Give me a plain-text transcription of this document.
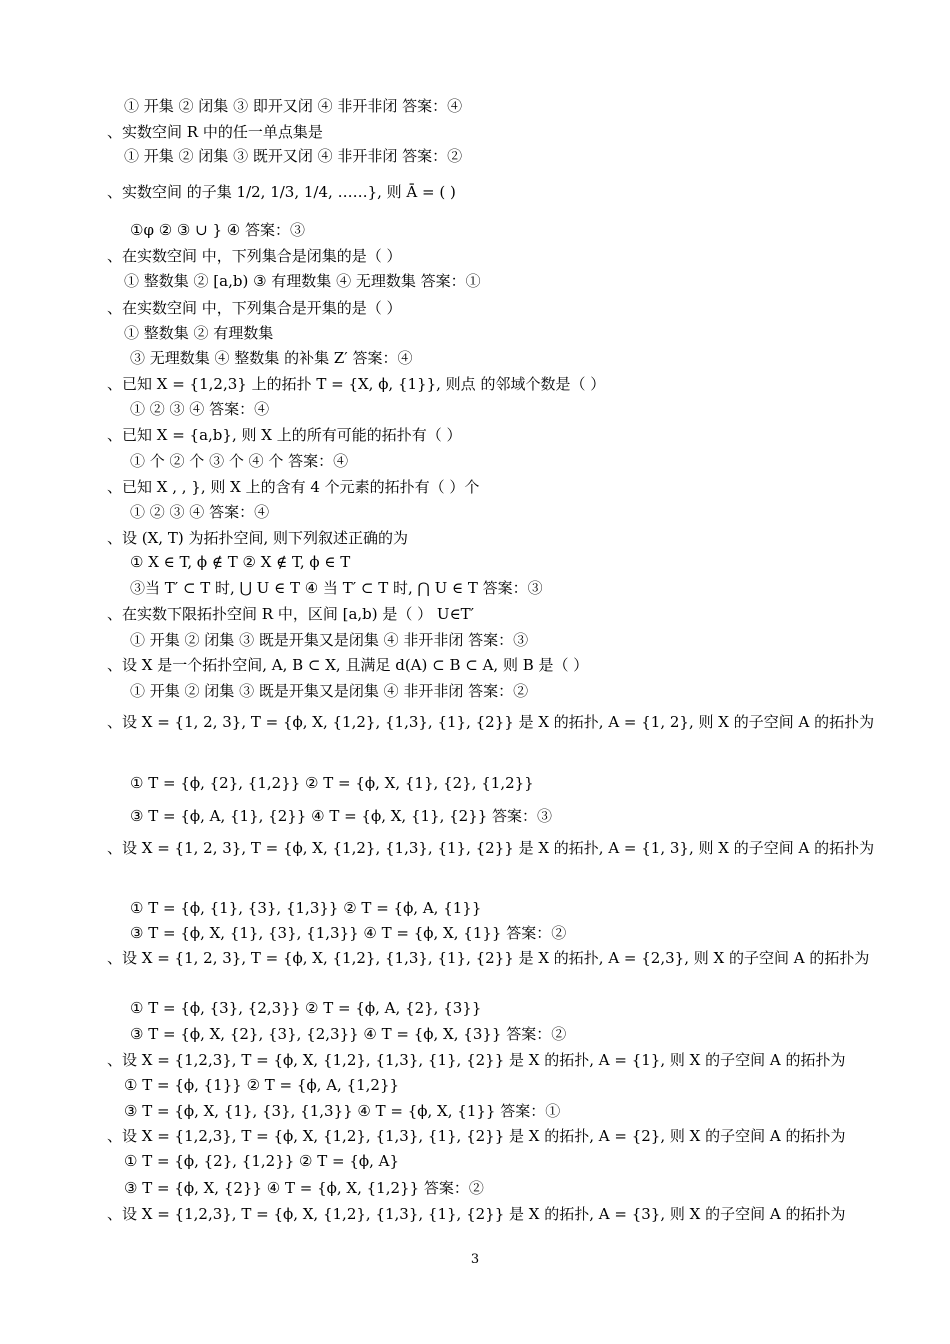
① 开集 ② 闭集 ③ 即开又闭 ④ 非开非闭 答案：④
、实数空间 R 中的任一单点集是
① 开集 ② 闭集 ③ 既开又闭 ④ 非开非闭 答案：②
、实数空间 的子集 1/2, 1/3, 1/4, ……}, 则 Ā = ( )
①φ ② ③ ∪ } ④ 答案：③
、在实数空间 中，下列集合是闭集的是（ ）
① 整数集 ② [a,b) ③ 有理数集 ④ 无理数集 答案：①
、在实数空间 中，下列集合是开集的是（ ）
① 整数集 ② 有理数集
③ 无理数集 ④ 整数集 的补集 Z′ 答案：④
、已知 X = {1,2,3} 上的拓扑 T = {X, ϕ, {1}}, 则点 的邻域个数是（ ）
① ② ③ ④ 答案：④
、已知 X = {a,b}, 则 X 上的所有可能的拓扑有（ ）
① 个 ② 个 ③ 个 ④ 个 答案：④
、已知 X , , }, 则 X 上的含有 4 个元素的拓扑有（ ）个
① ② ③ ④ 答案：④
、设 (X, T) 为拓扑空间, 则下列叙述正确的为
① X ∈ T, ϕ ∉ T ② X ∉ T, ϕ ∈ T
③当 T′ ⊂ T 时, ⋃ U ∈ T ④ 当 T′ ⊂ T 时, ⋂ U ∈ T 答案：③
、在实数下限拓扑空间 R 中，区间 [a,b) 是（ ） U∈T′
① 开集 ② 闭集 ③ 既是开集又是闭集 ④ 非开非闭 答案：③
、设 X 是一个拓扑空间, A, B ⊂ X, 且满足 d(A) ⊂ B ⊂ A, 则 B 是（ ）
① 开集 ② 闭集 ③ 既是开集又是闭集 ④ 非开非闭 答案：②
、设 X = {1, 2, 3}, T = {ϕ, X, {1,2}, {1,3}, {1}, {2}} 是 X 的拓扑, A = {1, 2}, 则 X 的子空间 A 的拓扑为
① T = {ϕ, {2}, {1,2}} ② T = {ϕ, X, {1}, {2}, {1,2}}
③ T = {ϕ, A, {1}, {2}} ④ T = {ϕ, X, {1}, {2}} 答案：③
、设 X = {1, 2, 3}, T = {ϕ, X, {1,2}, {1,3}, {1}, {2}} 是 X 的拓扑, A = {1, 3}, 则 X 的子空间 A 的拓扑为
① T = {ϕ, {1}, {3}, {1,3}} ② T = {ϕ, A, {1}}
③ T = {ϕ, X, {1}, {3}, {1,3}} ④ T = {ϕ, X, {1}} 答案：②
、设 X = {1, 2, 3}, T = {ϕ, X, {1,2}, {1,3}, {1}, {2}} 是 X 的拓扑, A = {2,3}, 则 X 的子空间 A 的拓扑为
① T = {ϕ, {3}, {2,3}} ② T = {ϕ, A, {2}, {3}}
③ T = {ϕ, X, {2}, {3}, {2,3}} ④ T = {ϕ, X, {3}} 答案：②
、设 X = {1,2,3}, T = {ϕ, X, {1,2}, {1,3}, {1}, {2}} 是 X 的拓扑, A = {1}, 则 X 的子空间 A 的拓扑为
① T = {ϕ, {1}} ② T = {ϕ, A, {1,2}}
③ T = {ϕ, X, {1}, {3}, {1,3}} ④ T = {ϕ, X, {1}} 答案：①
、设 X = {1,2,3}, T = {ϕ, X, {1,2}, {1,3}, {1}, {2}} 是 X 的拓扑, A = {2}, 则 X 的子空间 A 的拓扑为
① T = {ϕ, {2}, {1,2}} ② T = {ϕ, A}
③ T = {ϕ, X, {2}} ④ T = {ϕ, X, {1,2}} 答案：②
、设 X = {1,2,3}, T = {ϕ, X, {1,2}, {1,3}, {1}, {2}} 是 X 的拓扑, A = {3}, 则 X 的子空间 A 的拓扑为
3
